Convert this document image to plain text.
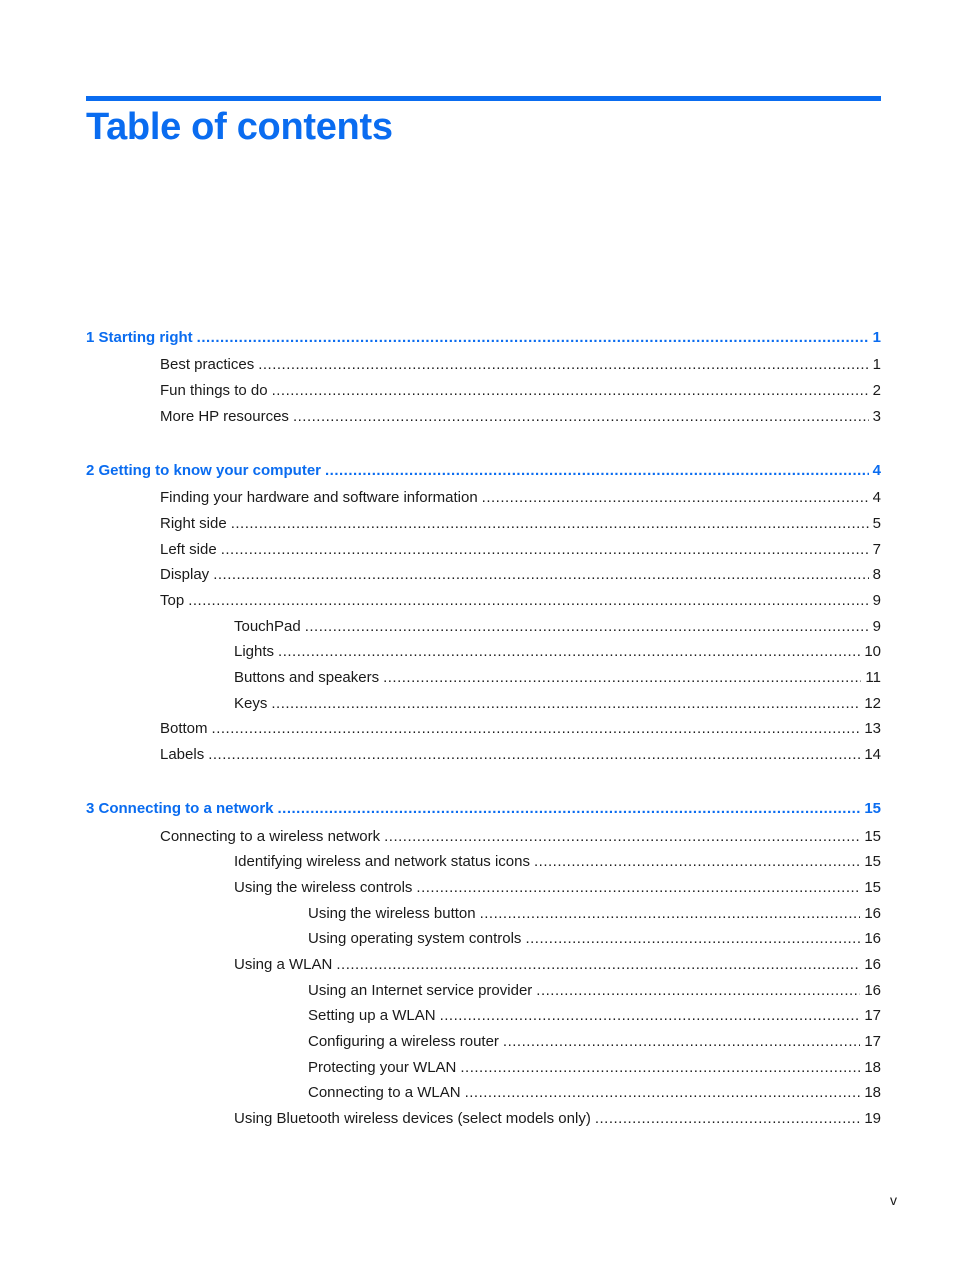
Table of contents
1 Starting right .....	1
Best practices .....	1
Fun things to do .....	2
More HP resources .....	3
2 Getting to know your computer .....	4
Finding your hardware and software information .....	4
Right side .....	5
Left side .....	7
Display .....	8
Top .....	9
TouchPad .....	9
Lights .....	10
Buttons and speakers .....	11
Keys .....	12
Bottom .....	13
Labels .....	14
3 Connecting to a network .....	15
Connecting to a wireless network .....	15
Identifying wireless and network status icons .....	15
Using the wireless controls .....	15
Using the wireless button .....	16
Using operating system controls .....	16
Using a WLAN .....	16
Using an Internet service provider .....	16
Setting up a WLAN .....	17
Configuring a wireless router .....	17
Protecting your WLAN .....	18
Connecting to a WLAN .....	18
Using Bluetooth wireless devices (select models only) .....	19
v
